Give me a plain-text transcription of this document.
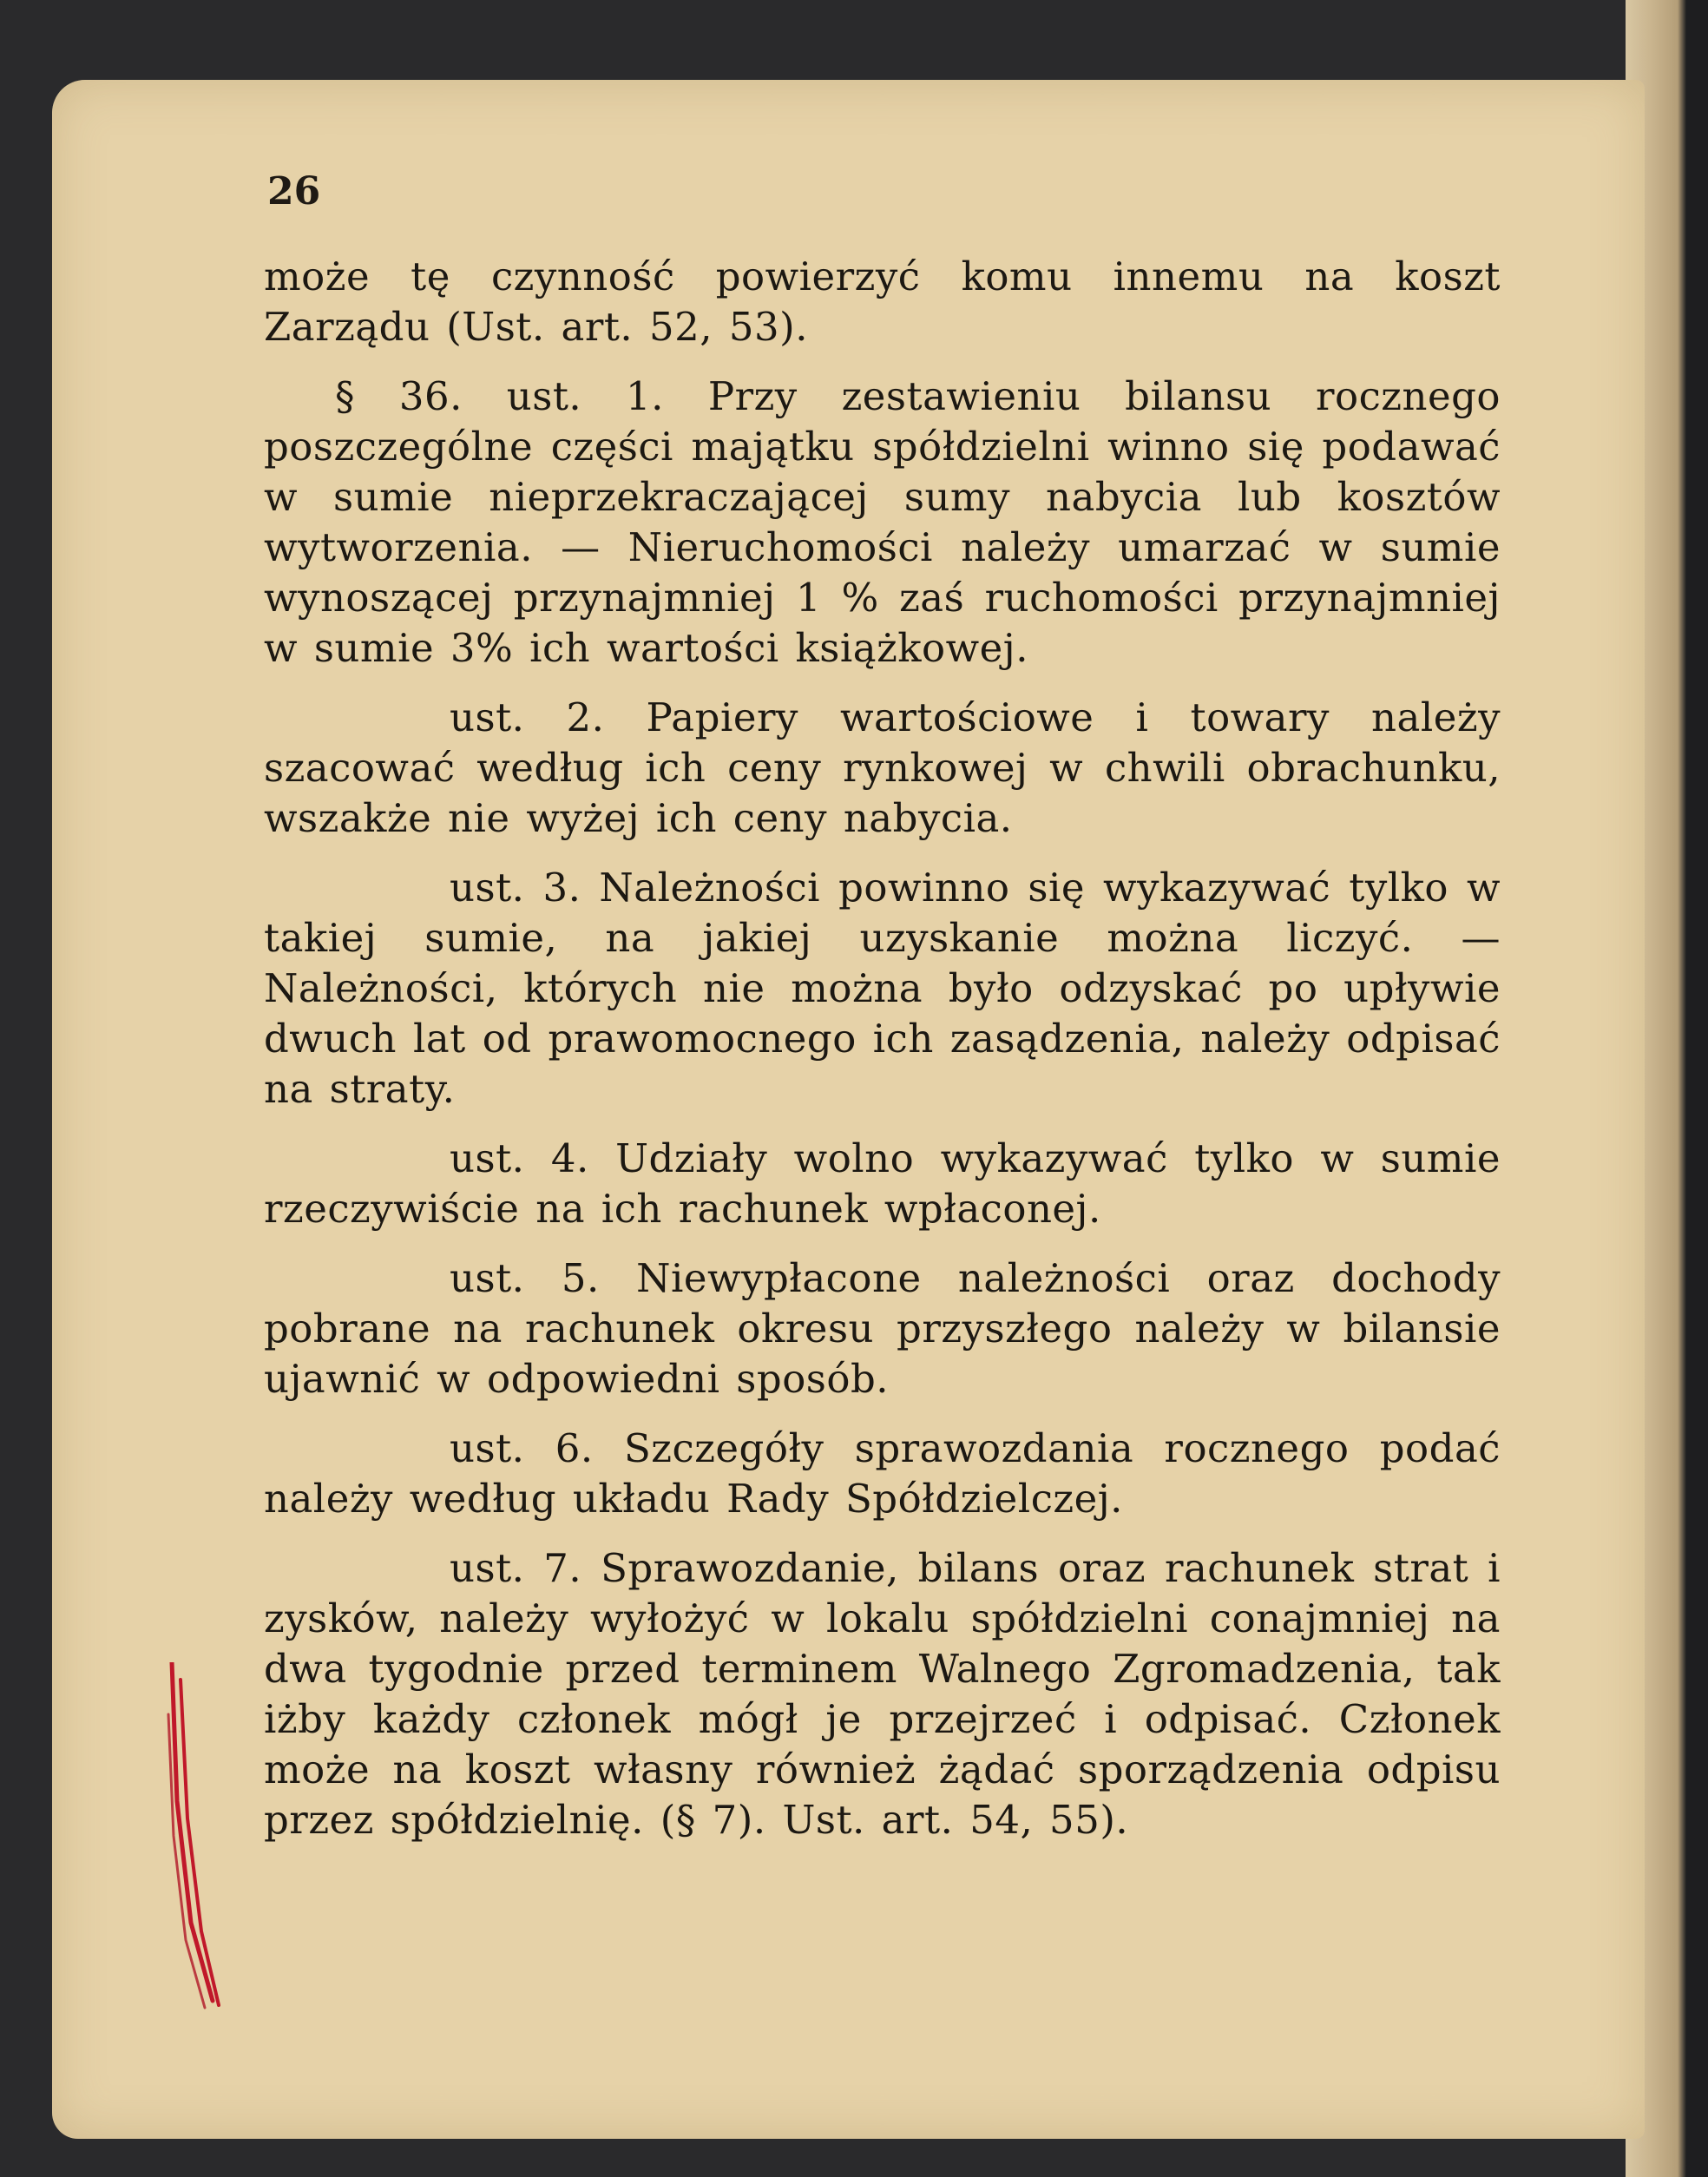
26

może tę czynność powierzyć komu innemu na koszt Zarządu (Ust. art. 52, 53).

§ 36. ust. 1. Przy zestawieniu bilansu rocznego poszczególne części majątku spółdzielni winno się podawać w sumie nieprzekraczającej sumy nabycia lub kosztów wytworzenia. — Nieruchomości należy umarzać w sumie wynoszącej przynajmniej 1 % zaś ruchomości przynajmniej w sumie 3% ich wartości książkowej.

ust. 2. Papiery wartościowe i towary należy szacować według ich ceny rynkowej w chwili obrachunku, wszakże nie wyżej ich ceny nabycia.

ust. 3. Należności powinno się wykazywać tylko w takiej sumie, na jakiej uzyskanie można liczyć. — Należności, których nie można było odzyskać po upływie dwuch lat od prawomocnego ich zasądzenia, należy odpisać na straty.

ust. 4. Udziały wolno wykazywać tylko w sumie rzeczywiście na ich rachunek wpłaconej.

ust. 5. Niewypłacone należności oraz dochody pobrane na rachunek okresu przyszłego należy w bilansie ujawnić w odpowiedni sposób.

ust. 6. Szczegóły sprawozdania rocznego podać należy według układu Rady Spółdzielczej.

ust. 7. Sprawozdanie, bilans oraz rachunek strat i zysków, należy wyłożyć w lokalu spółdzielni conajmniej na dwa tygodnie przed terminem Walnego Zgromadzenia, tak iżby każdy członek mógł je przejrzeć i odpisać. Członek może na koszt własny również żądać sporządzenia odpisu przez spółdzielnię. (§ 7). Ust. art. 54, 55).
